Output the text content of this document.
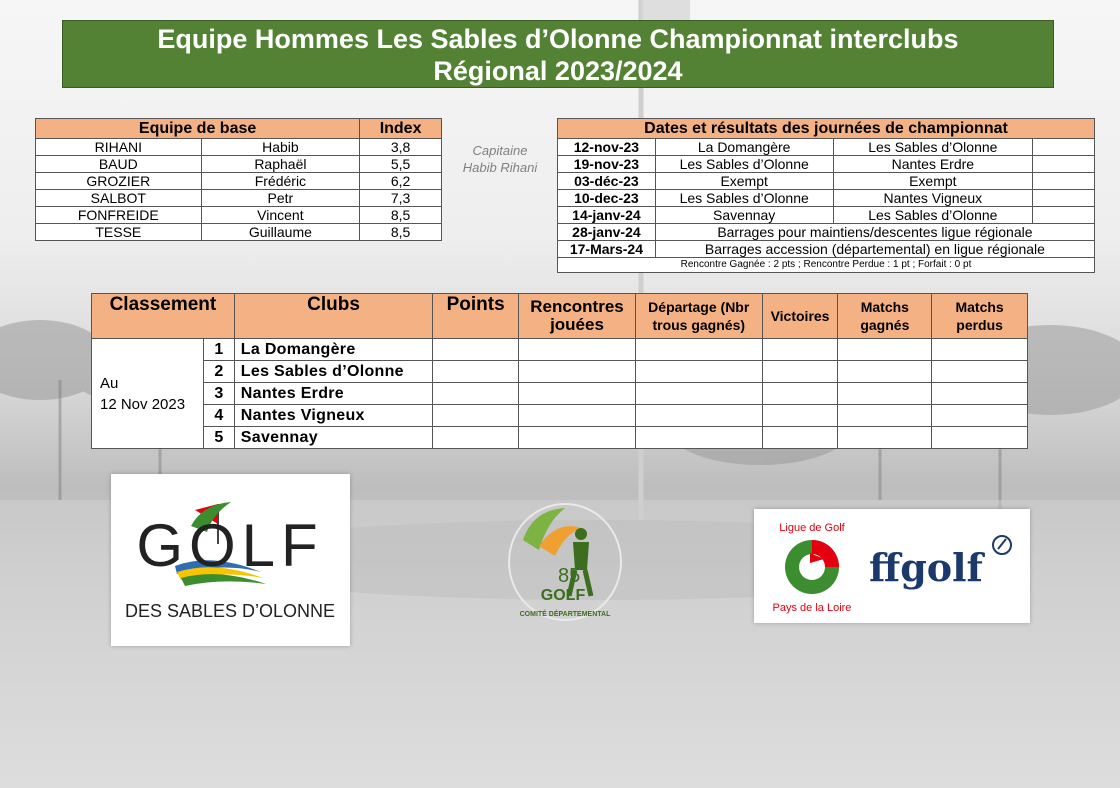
Equipe Hommes Les Sables d’Olonne Championnat interclubs
Régional 2023/2024
Equipe de base		Index
RIHANI	Habib	3,8
BAUD	Raphaël	5,5
GROZIER	Frédéric	6,2
SALBOT	Petr	7,3
FONFREIDE	Vincent	8,5
TESSE	Guillaume	8,5
Capitaine
Habib Rihani
Dates et résultats des journées de championnat			
12-nov-23	La Domangère	Les Sables d’Olonne	
19-nov-23	Les Sables d’Olonne	Nantes Erdre	
03-déc-23	Exempt	Exempt	
10-dec-23	Les Sables d’Olonne	Nantes Vigneux	
14-janv-24	Savennay	Les Sables d’Olonne	
28-janv-24	Barrages pour maintiens/descentes ligue régionale		
17-Mars-24	Barrages accession (départemental) en ligue régionale		
Rencontre Gagnée : 2 pts ; Rencontre Perdue : 1 pt ; Forfait : 0 pt			
Classement		Clubs	Points	Rencontres jouées	Départage (Nbr trous gagnés)	Victoires	Matchs gagnés	Matchs perdus

Au
12 Nov 2023	1	La Domangère						
	2	Les Sables d’Olonne						
	3	Nantes Erdre						
	4	Nantes Vigneux						
	5	Savennay						
GOLF
DES SABLES D’OLONNE
85
GOLF
COMITÉ DÉPARTEMENTAL
Ligue de Golf
Pays de la Loire
ffgolf
